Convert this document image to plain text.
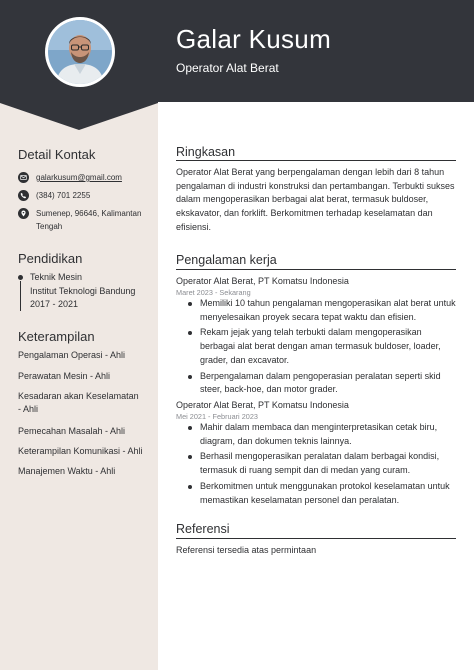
Galar Kusum
Operator Alat Berat
Detail Kontak
galarkusum@gmail.com
(384) 701 2255
Sumenep, 96646, Kalimantan Tengah
Pendidikan
Teknik Mesin
Institut Teknologi Bandung
2017 - 2021
Keterampilan
Pengalaman Operasi - Ahli
Perawatan Mesin - Ahli
Kesadaran akan Keselamatan - Ahli
Pemecahan Masalah - Ahli
Keterampilan Komunikasi - Ahli
Manajemen Waktu - Ahli
Ringkasan
Operator Alat Berat yang berpengalaman dengan lebih dari 8 tahun pengalaman di industri konstruksi dan pertambangan. Terbukti sukses dalam mengoperasikan berbagai alat berat, termasuk buldoser, ekskavator, dan forklift. Berkomitmen terhadap keselamatan dan efisiensi.
Pengalaman kerja
Operator Alat Berat, PT Komatsu Indonesia
Maret 2023 - Sekarang
Memiliki 10 tahun pengalaman mengoperasikan alat berat untuk menyelesaikan proyek secara tepat waktu dan efisien.
Rekam jejak yang telah terbukti dalam mengoperasikan berbagai alat berat dengan aman termasuk buldoser, loader, grader, dan excavator.
Berpengalaman dalam pengoperasian peralatan seperti skid steer, back-hoe, dan motor grader.
Operator Alat Berat, PT Komatsu Indonesia
Mei 2021 - Februari 2023
Mahir dalam membaca dan menginterpretasikan cetak biru, diagram, dan dokumen teknis lainnya.
Berhasil mengoperasikan peralatan dalam berbagai kondisi, termasuk di ruang sempit dan di medan yang curam.
Berkomitmen untuk menggunakan protokol keselamatan untuk memastikan keselamatan personel dan peralatan.
Referensi
Referensi tersedia atas permintaan
